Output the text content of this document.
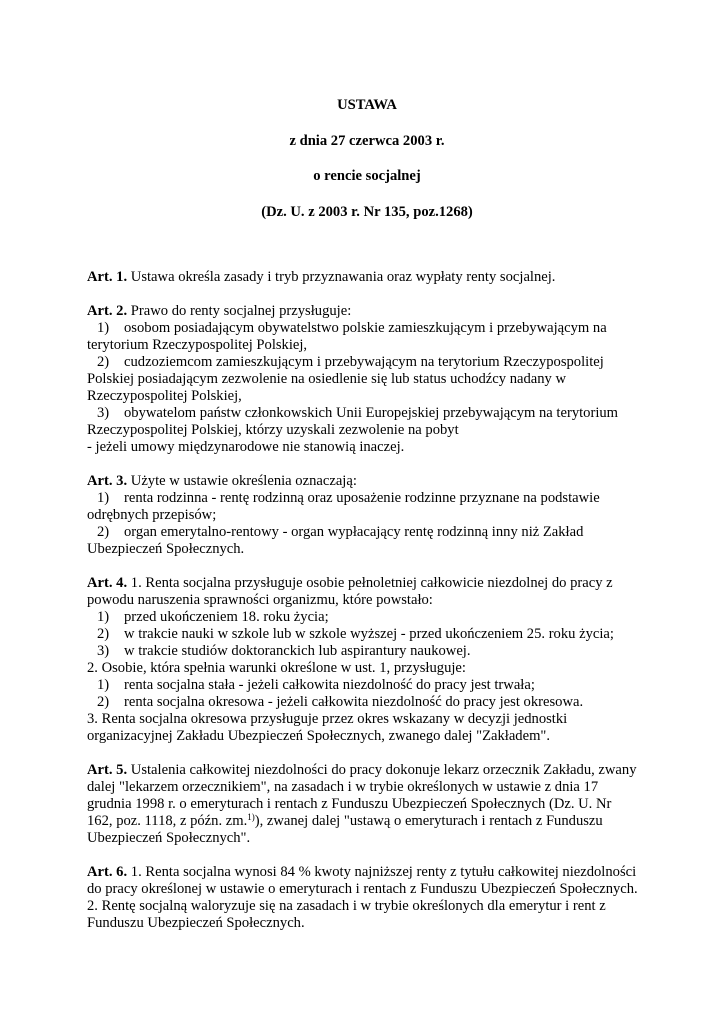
USTAWA

z dnia 27 czerwca 2003 r.

o rencie socjalnej

(Dz. U. z 2003 r. Nr 135, poz.1268)

Art. 1. Ustawa określa zasady i tryb przyznawania oraz wypłaty renty socjalnej.
Art. 2. Prawo do renty socjalnej przysługuje:
1) osobom posiadającym obywatelstwo polskie zamieszkującym i przebywającym na
terytorium Rzeczypospolitej Polskiej,
2) cudzoziemcom zamieszkującym i przebywającym na terytorium Rzeczypospolitej
Polskiej posiadającym zezwolenie na osiedlenie się lub status uchodźcy nadany w
Rzeczypospolitej Polskiej,
3) obywatelom państw członkowskich Unii Europejskiej przebywającym na terytorium
Rzeczypospolitej Polskiej, którzy uzyskali zezwolenie na pobyt
- jeżeli umowy międzynarodowe nie stanowią inaczej.
Art. 3. Użyte w ustawie określenia oznaczają:
1) renta rodzinna - rentę rodzinną oraz uposażenie rodzinne przyznane na podstawie
odrębnych przepisów;
2) organ emerytalno-rentowy - organ wypłacający rentę rodzinną inny niż Zakład
Ubezpieczeń Społecznych.
Art. 4. 1. Renta socjalna przysługuje osobie pełnoletniej całkowicie niezdolnej do pracy z
powodu naruszenia sprawności organizmu, które powstało:
1) przed ukończeniem 18. roku życia;
2) w trakcie nauki w szkole lub w szkole wyższej - przed ukończeniem 25. roku życia;
3) w trakcie studiów doktoranckich lub aspirantury naukowej.
2. Osobie, która spełnia warunki określone w ust. 1, przysługuje:
1) renta socjalna stała - jeżeli całkowita niezdolność do pracy jest trwała;
2) renta socjalna okresowa - jeżeli całkowita niezdolność do pracy jest okresowa.
3. Renta socjalna okresowa przysługuje przez okres wskazany w decyzji jednostki
organizacyjnej Zakładu Ubezpieczeń Społecznych, zwanego dalej "Zakładem".
Art. 5. Ustalenia całkowitej niezdolności do pracy dokonuje lekarz orzecznik Zakładu, zwany
dalej "lekarzem orzecznikiem", na zasadach i w trybie określonych w ustawie z dnia 17
grudnia 1998 r. o emeryturach i rentach z Funduszu Ubezpieczeń Społecznych (Dz. U. Nr
162, poz. 1118, z późn. zm.$^{1)}$), zwanej dalej "ustawą o emeryturach i rentach z Funduszu
Ubezpieczeń Społecznych".
Art. 6. 1. Renta socjalna wynosi 84 % kwoty najniższej renty z tytułu całkowitej niezdolności
do pracy określonej w ustawie o emeryturach i rentach z Funduszu Ubezpieczeń Społecznych.
2. Rentę socjalną waloryzuje się na zasadach i w trybie określonych dla emerytur i rent z
Funduszu Ubezpieczeń Społecznych.
